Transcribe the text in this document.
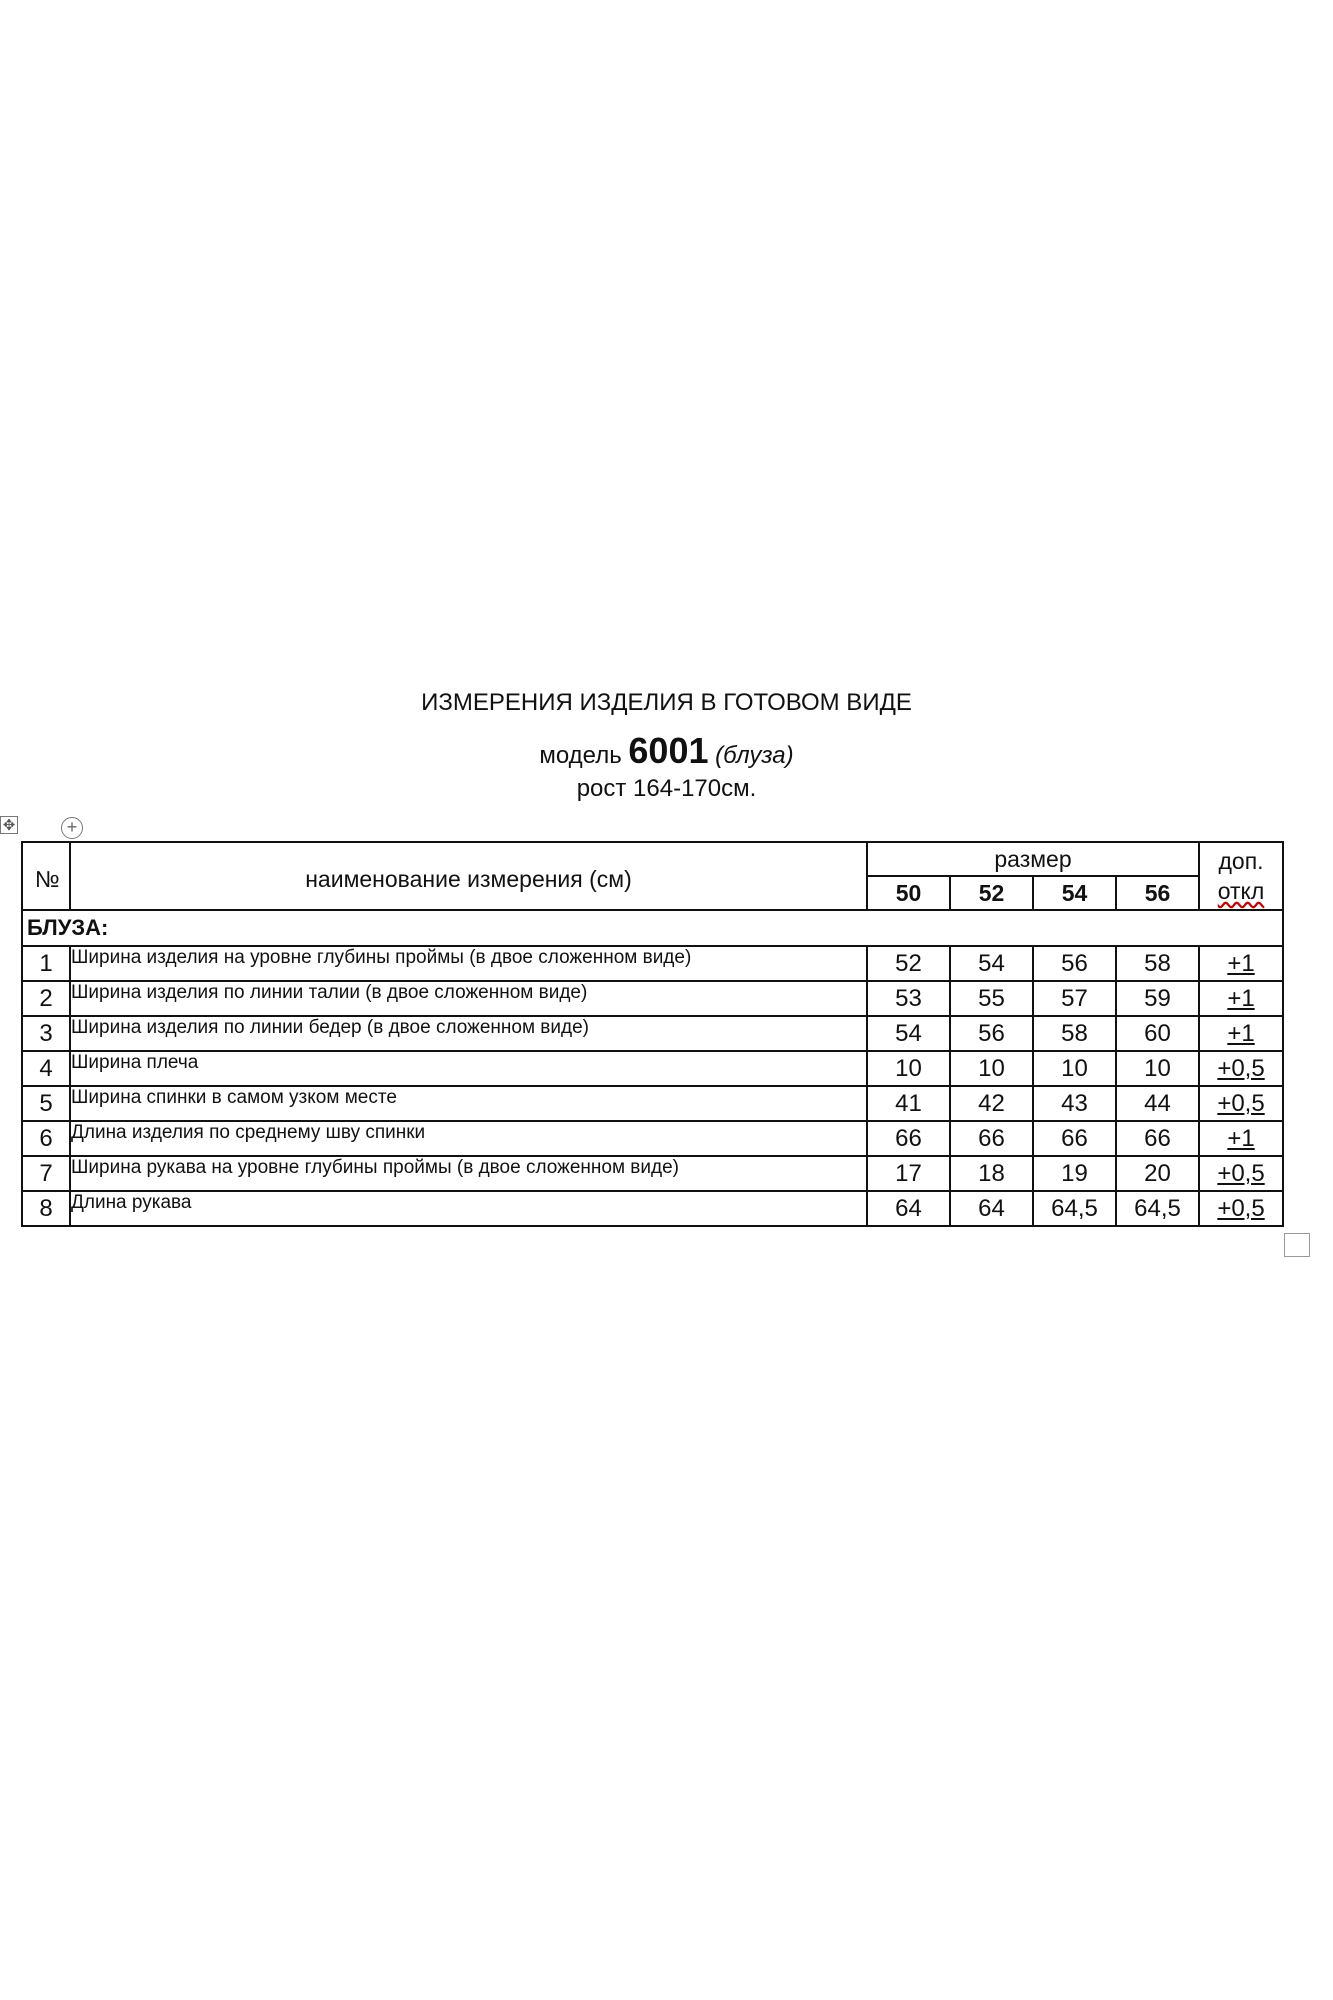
ИЗМЕРЕНИЯ ИЗДЕЛИЯ В ГОТОВОМ ВИДЕ
модель 6001 (блуза)
рост 164-170см.
✥	+
№	наименование измерения (см)	размер				доп.
откл

		50	52	54	56	
БЛУЗА:						
1	Ширина изделия на уровне глубины проймы (в двое сложенном виде)	52	54	56	58	+1
2	Ширина изделия по линии талии (в двое сложенном виде)	53	55	57	59	+1
3	Ширина изделия по линии бедер (в двое сложенном виде)	54	56	58	60	+1
4	Ширина плеча	10	10	10	10	+0,5
5	Ширина спинки в самом узком месте	41	42	43	44	+0,5
6	Длина изделия по среднему шву спинки	66	66	66	66	+1
7	Ширина рукава на уровне глубины проймы (в двое сложенном виде)	17	18	19	20	+0,5
8	Длина рукава	64	64	64,5	64,5	+0,5
